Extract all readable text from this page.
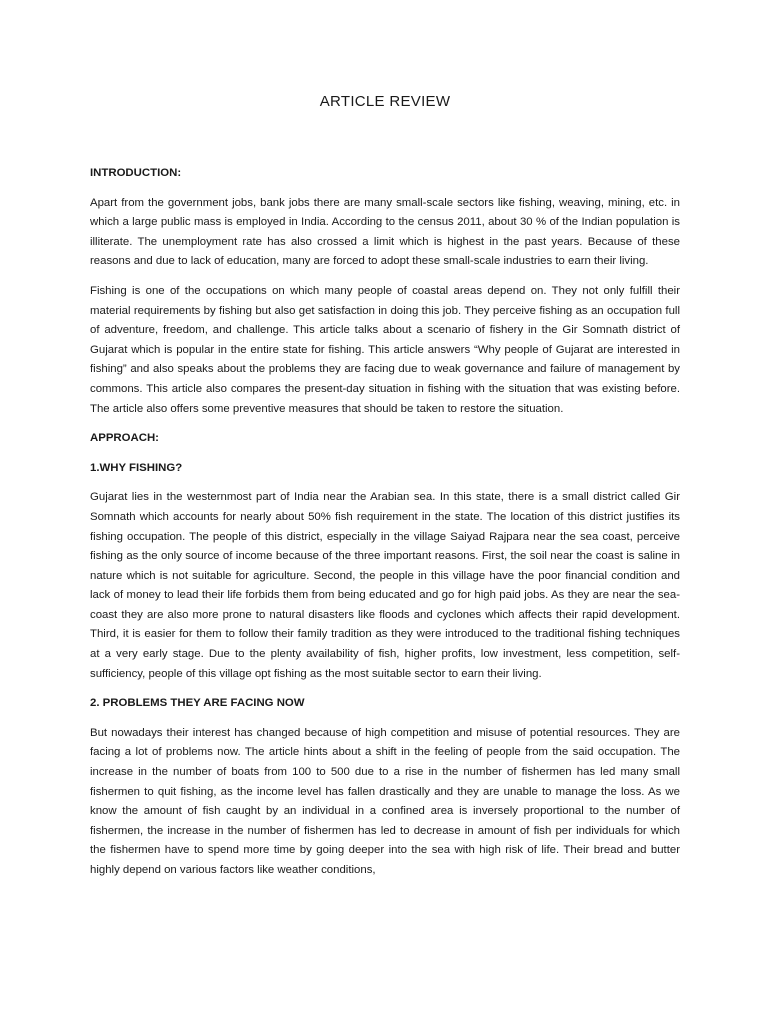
ARTICLE REVIEW
INTRODUCTION:

Apart from the government jobs, bank jobs there are many small-scale sectors like fishing, weaving, mining, etc. in which a large public mass is employed in India. According to the census 2011, about 30 % of the Indian population is illiterate. The unemployment rate has also crossed a limit which is highest in the past years. Because of these reasons and due to lack of education, many are forced to adopt these small-scale industries to earn their living.

Fishing is one of the occupations on which many people of coastal areas depend on. They not only fulfill their material requirements by fishing but also get satisfaction in doing this job. They perceive fishing as an occupation full of adventure, freedom, and challenge. This article talks about a scenario of fishery in the Gir Somnath district of Gujarat which is popular in the entire state for fishing. This article answers “Why people of Gujarat are interested in fishing” and also speaks about the problems they are facing due to weak governance and failure of management by commons. This article also compares the present-day situation in fishing with the situation that was existing before. The article also offers some preventive measures that should be taken to restore the situation.

APPROACH:
1.WHY FISHING?

Gujarat lies in the westernmost part of India near the Arabian sea. In this state, there is a small district called Gir Somnath which accounts for nearly about 50% fish requirement in the state. The location of this district justifies its fishing occupation. The people of this district, especially in the village Saiyad Rajpara near the sea coast, perceive fishing as the only source of income because of the three important reasons. First, the soil near the coast is saline in nature which is not suitable for agriculture. Second, the people in this village have the poor financial condition and lack of money to lead their life forbids them from being educated and go for high paid jobs. As they are near the sea-coast they are also more prone to natural disasters like floods and cyclones which affects their rapid development. Third, it is easier for them to follow their family tradition as they were introduced to the traditional fishing techniques at a very early stage. Due to the plenty availability of fish, higher profits, low investment, less competition, self-sufficiency, people of this village opt fishing as the most suitable sector to earn their living.

2. PROBLEMS THEY ARE FACING NOW

But nowadays their interest has changed because of high competition and misuse of potential resources. They are facing a lot of problems now. The article hints about a shift in the feeling of people from the said occupation. The increase in the number of boats from 100 to 500 due to a rise in the number of fishermen has led many small fishermen to quit fishing, as the income level has fallen drastically and they are unable to manage the loss. As we know the amount of fish caught by an individual in a confined area is inversely proportional to the number of fishermen, the increase in the number of fishermen has led to decrease in amount of fish per individuals for which the fishermen have to spend more time by going deeper into the sea with high risk of life. Their bread and butter highly depend on various factors like weather conditions,
